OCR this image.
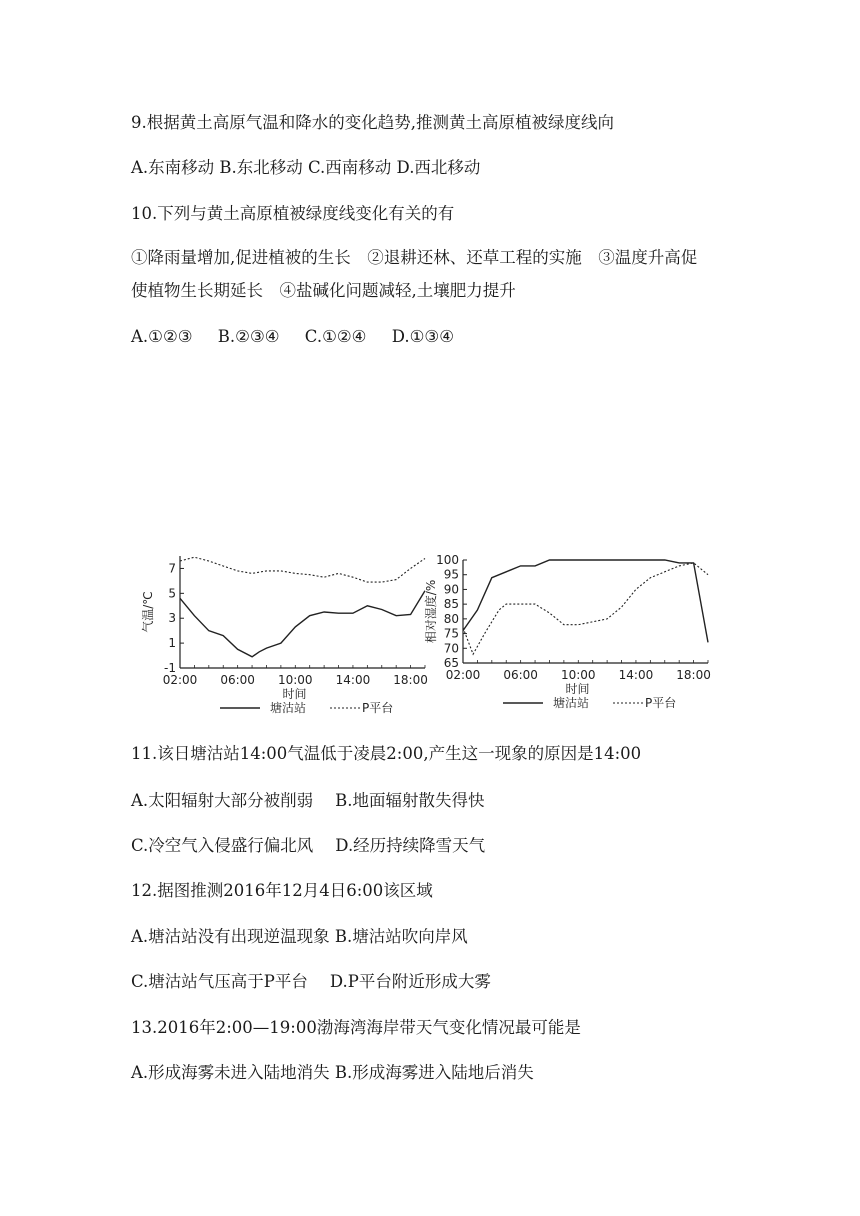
9.根据黄土高原气温和降水的变化趋势,推测黄土高原植被绿度线向
A.东南移动 B.东北移动 C.西南移动 D.西北移动
10.下列与黄土高原植被绿度线变化有关的有
①降雨量增加,促进植被的生长　②退耕还林、还草工程的实施　③温度升高促
使植物生长期延长　④盐碱化问题减轻,土壤肥力提升
A.①②③ B.②③④ C.①②④ D.①③④
-1
1
3
5
7
02:00 06:00 10:00 14:00 18:00
时间
气温/℃
塘沽站	P平台
65
70
75
80
85
90
95
100
02:00 06:00 10:00 14:00 18:00
时间
相对湿度/%
塘沽站	P平台
11.该日塘沽站14:00气温低于凌晨2:00,产生这一现象的原因是14:00
A.太阳辐射大部分被削弱 B.地面辐射散失得快
C.冷空气入侵盛行偏北风 D.经历持续降雪天气
12.据图推测2016年12月4日6:00该区域
A.塘沽站没有出现逆温现象 B.塘沽站吹向岸风
C.塘沽站气压高于P平台 D.P平台附近形成大雾
13.2016年2:00—19:00渤海湾海岸带天气变化情况最可能是
A.形成海雾未进入陆地消失 B.形成海雾进入陆地后消失
